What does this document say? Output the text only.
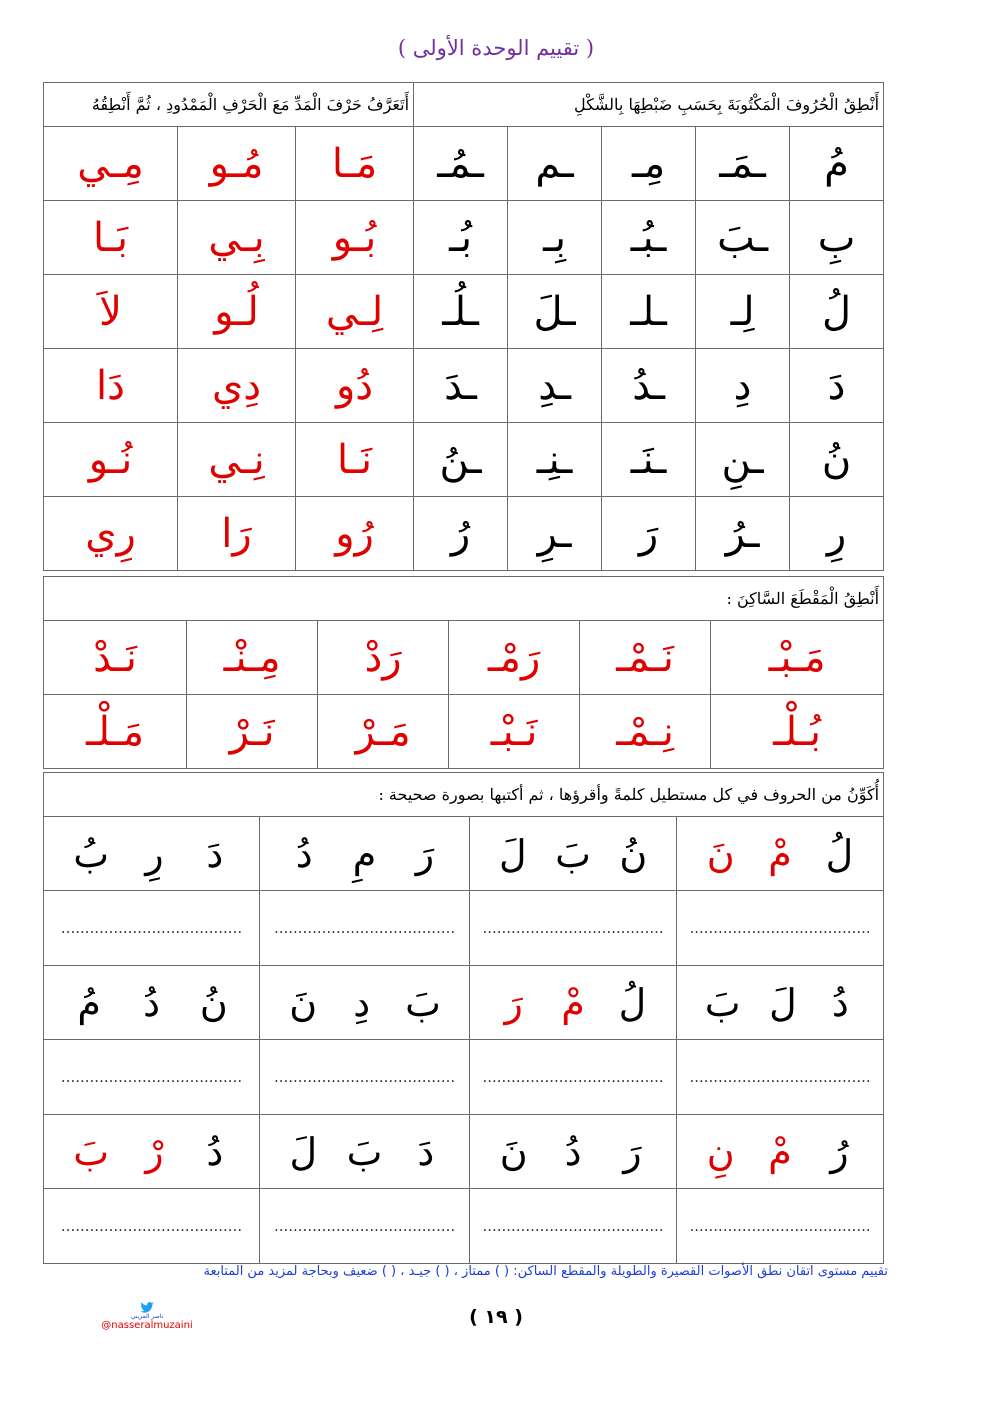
( تقييم الوحدة الأولى )
أَنْطِقُ الْحُرُوفَ الْمَكْتُوبَةَ بِحَسَبِ ضَبْطِهَا بِالشَّكْلِ					أَتَعَرَّفُ حَرْفَ الْمَدِّ مَعَ الْحَرْفِ الْمَمْدُودِ ، ثُمَّ أَنْطِقُهُ		
مُ	ـمَـ	مِـ	ـم	ـمُـ	مَـا	مُـو	مِـي
بِ	ـبَ	ـبُـ	بِـ	بُـ	بُـو	بِـي	بَـا
لُ	لِـ	ـلـ	ـلَ	ـلُـ	لِـي	لُـو	لاَ
دَ	دِ	ـدُ	ـدِ	ـدَ	دُو	دِي	دَا
نُ	ـنِ	ـنَـ	ـنِـ	ـنُ	نَـا	نِـي	نُـو
رِ	ـرُ	رَ	ـرِ	رُ	رُو	رَا	رِي
أَنْطِقُ الْمَقْطَعَ السَّاكِنَ :					
مَـبْـ	نَـمْـ	رَمْـ	رَدْ	مِـنْـ	نَـدْ
بُـلْـ	نِـمْـ	نَـبْـ	مَـرْ	نَـرْ	مَـلْـ
أُكَوِّنُ من الحروف في كل مستطيل كلمةً وأقرؤها ، ثم أكتبها بصورة صحيحة :			

نَ مْ لُ	لَ بَ نُ	دُ مِ رَ	بُ رِ دَ

......................................	......................................	......................................	......................................

بَ لَ دُ	رَ مْ لُ	نَ دِ بَ	مُ دُ نُ

......................................	......................................	......................................	......................................

نِ مْ رُ	نَ دُ رَ	لَ بَ دَ	بَ رْ دُ

......................................	......................................	......................................	......................................
تقييم مستوى اتقان نطق الأصوات القصيرة والطويلة والمقطع الساكن: ( ) ممتاز ، ( ) جيـد ، ( ) ضعيف وبحاجة لمزيد من المتابعة
ناصر المزيني
@nasseralmuzaini	( ١٩ )
